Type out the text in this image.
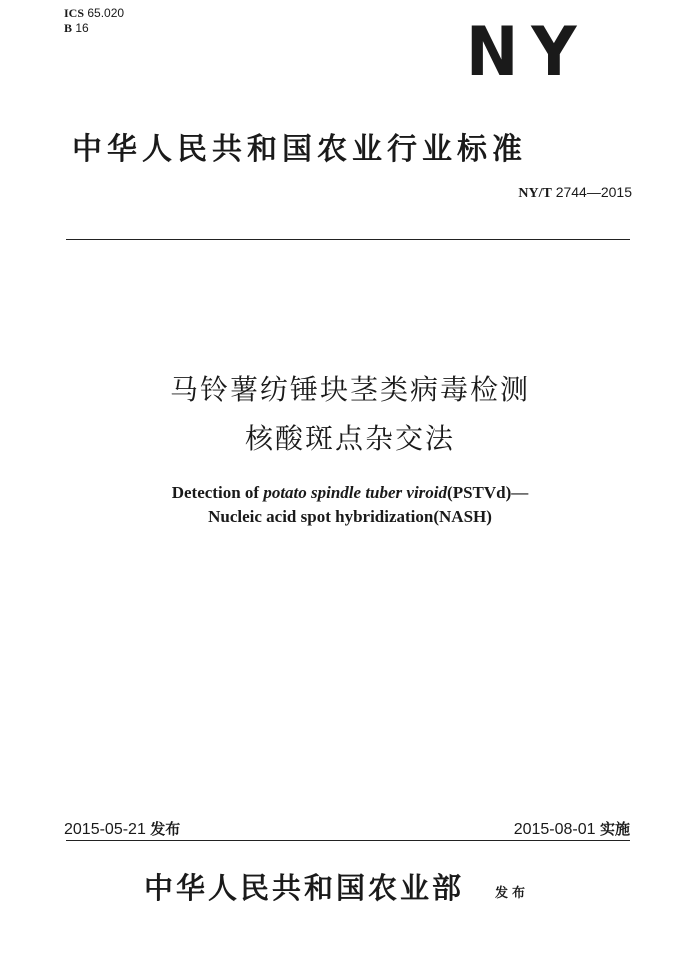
ICS 65.020
B 16	NY
中华人民共和国农业行业标准
NY/T 2744—2015
马铃薯纺锤块茎类病毒检测
核酸斑点杂交法
Detection of potato spindle tuber viroid(PSTVd)—
Nucleic acid spot hybridization(NASH)
2015-05-21 发布	2015-08-01 实施
中华人民共和国农业部 发布
